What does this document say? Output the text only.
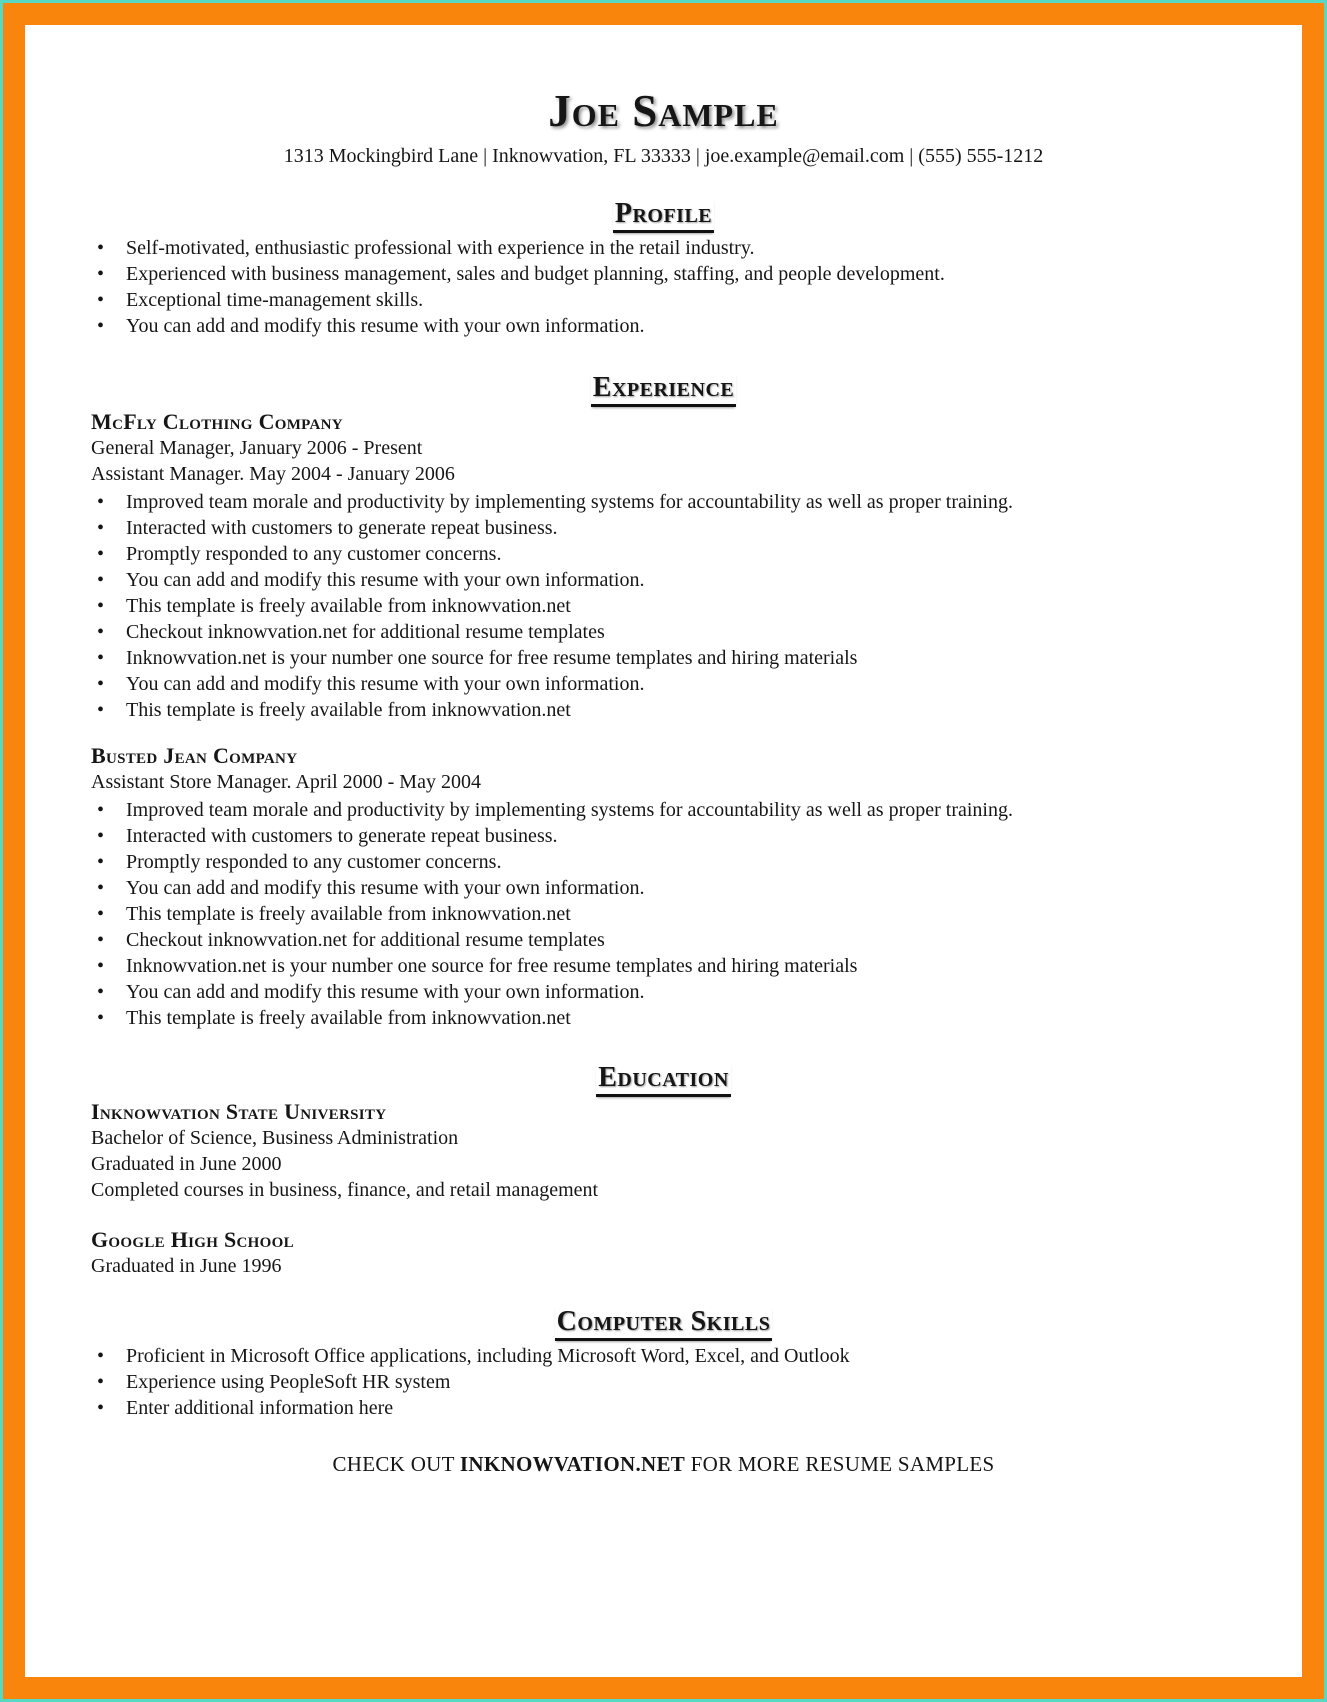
Joe Sample
1313 Mockingbird Lane | Inknowvation, FL 33333 | joe.example@email.com | (555) 555-1212
Profile
• Self-motivated, enthusiastic professional with experience in the retail industry.
• Experienced with business management, sales and budget planning, staffing, and people development.
• Exceptional time-management skills.
• You can add and modify this resume with your own information.
Experience
McFly Clothing Company
General Manager, January 2006 - Present
Assistant Manager. May 2004 - January 2006
• Improved team morale and productivity by implementing systems for accountability as well as proper training.
• Interacted with customers to generate repeat business.
• Promptly responded to any customer concerns.
• You can add and modify this resume with your own information.
• This template is freely available from inknowvation.net
• Checkout inknowvation.net for additional resume templates
• Inknowvation.net is your number one source for free resume templates and hiring materials
• You can add and modify this resume with your own information.
• This template is freely available from inknowvation.net
Busted Jean Company
Assistant Store Manager. April 2000 - May 2004
• Improved team morale and productivity by implementing systems for accountability as well as proper training.
• Interacted with customers to generate repeat business.
• Promptly responded to any customer concerns.
• You can add and modify this resume with your own information.
• This template is freely available from inknowvation.net
• Checkout inknowvation.net for additional resume templates
• Inknowvation.net is your number one source for free resume templates and hiring materials
• You can add and modify this resume with your own information.
• This template is freely available from inknowvation.net
Education
Inknowvation State University
Bachelor of Science, Business Administration
Graduated in June 2000
Completed courses in business, finance, and retail management
Google High School
Graduated in June 1996
Computer Skills
• Proficient in Microsoft Office applications, including Microsoft Word, Excel, and Outlook
• Experience using PeopleSoft HR system
• Enter additional information here
CHECK OUT INKNOWVATION.NET FOR MORE RESUME SAMPLES
